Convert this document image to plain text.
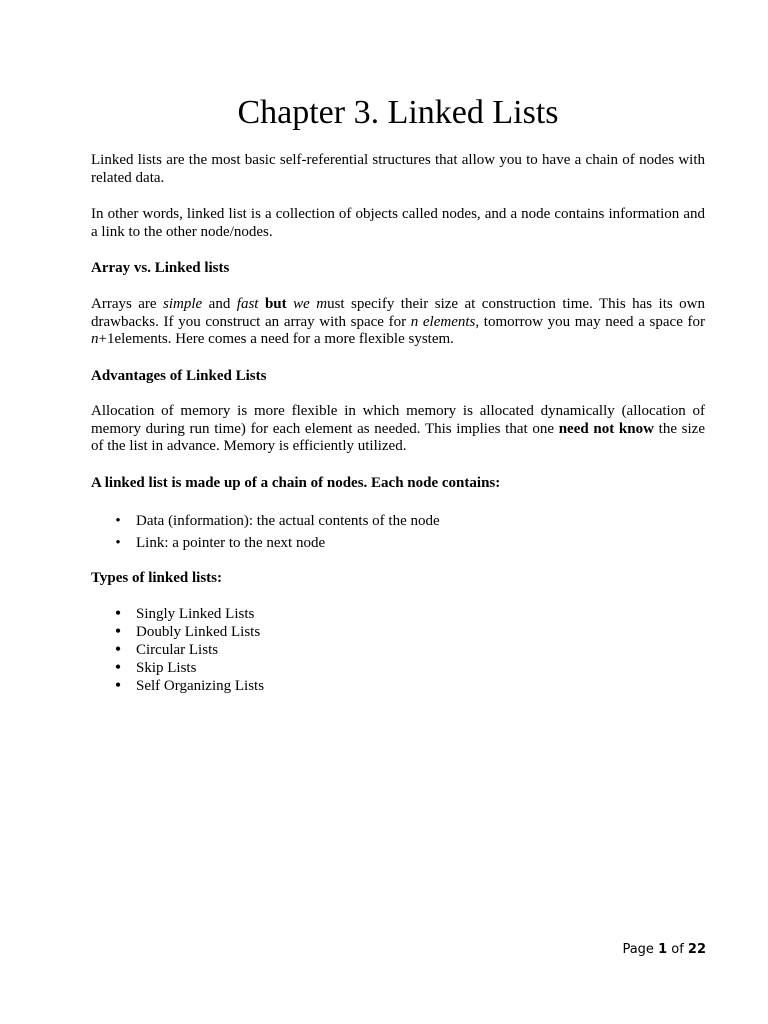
Chapter 3. Linked Lists

Linked lists are the most basic self-referential structures that allow you to have a chain of nodes with related data.

In other words, linked list is a collection of objects called nodes, and a node contains information and a link to the other node/nodes.

Array vs. Linked lists

Arrays are simple and fast but we must specify their size at construction time. This has its own drawbacks. If you construct an array with space for n elements, tomorrow you may need a space for n+1elements. Here comes a need for a more flexible system.

Advantages of Linked Lists

Allocation of memory is more flexible in which memory is allocated dynamically (allocation of memory during run time) for each element as needed. This implies that one need not know the size of the list in advance. Memory is efficiently utilized.

A linked list is made up of a chain of nodes. Each node contains:

• Data (information): the actual contents of the node
• Link: a pointer to the next node

Types of linked lists:

• Singly Linked Lists
• Doubly Linked Lists
• Circular Lists
• Skip Lists
• Self Organizing Lists
Page 1 of 22
